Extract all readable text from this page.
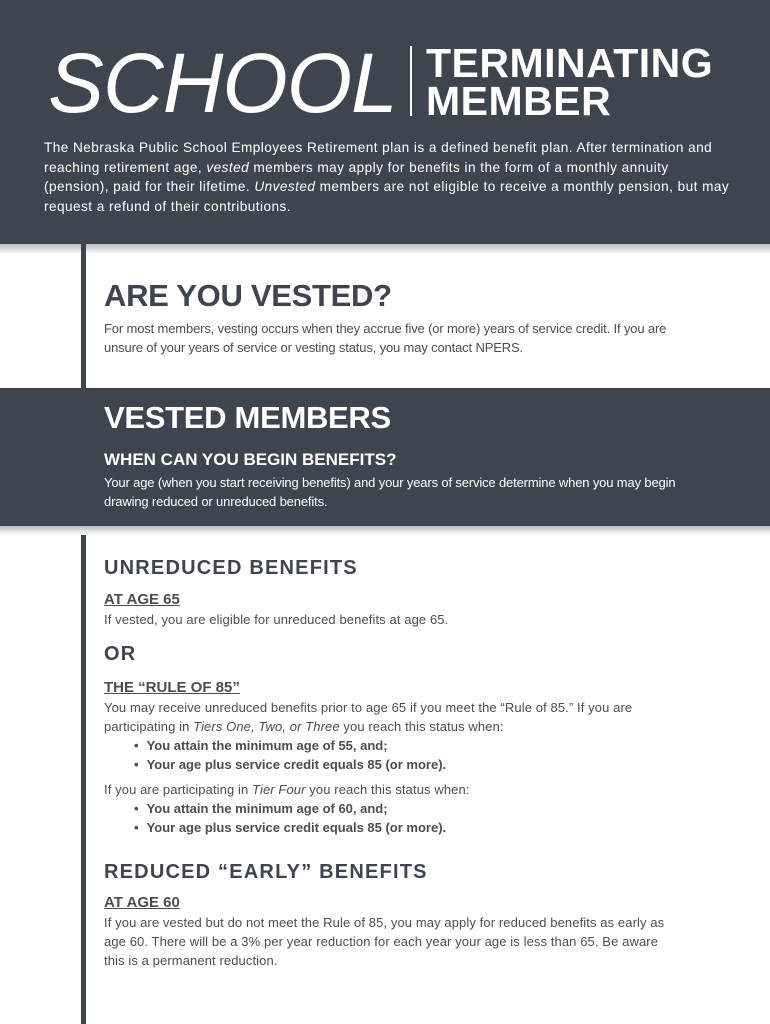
SCHOOL TERMINATING
MEMBER

The Nebraska Public School Employees Retirement plan is a defined benefit plan. After termination and reaching retirement age, vested members may apply for benefits in the form of a monthly annuity (pension), paid for their lifetime. Unvested members are not eligible to receive a monthly pension, but may request a refund of their contributions.

ARE YOU VESTED?

For most members, vesting occurs when they accrue five (or more) years of service credit. If you are unsure of your years of service or vesting status, you may contact NPERS.

VESTED MEMBERS
WHEN CAN YOU BEGIN BENEFITS?

Your age (when you start receiving benefits) and your years of service determine when you may begin drawing reduced or unreduced benefits.

UNREDUCED BENEFITS
AT AGE 65

If vested, you are eligible for unreduced benefits at age 65.

OR
THE “RULE OF 85”

You may receive unreduced benefits prior to age 65 if you meet the “Rule of 85.” If you are participating in Tiers One, Two, or Three you reach this status when:

• You attain the minimum age of 55, and;
• Your age plus service credit equals 85 (or more).

If you are participating in Tier Four you reach this status when:

• You attain the minimum age of 60, and;
• Your age plus service credit equals 85 (or more).
REDUCED “EARLY” BENEFITS
AT AGE 60

If you are vested but do not meet the Rule of 85, you may apply for reduced benefits as early as age 60. There will be a 3% per year reduction for each year your age is less than 65. Be aware this is a permanent reduction.
